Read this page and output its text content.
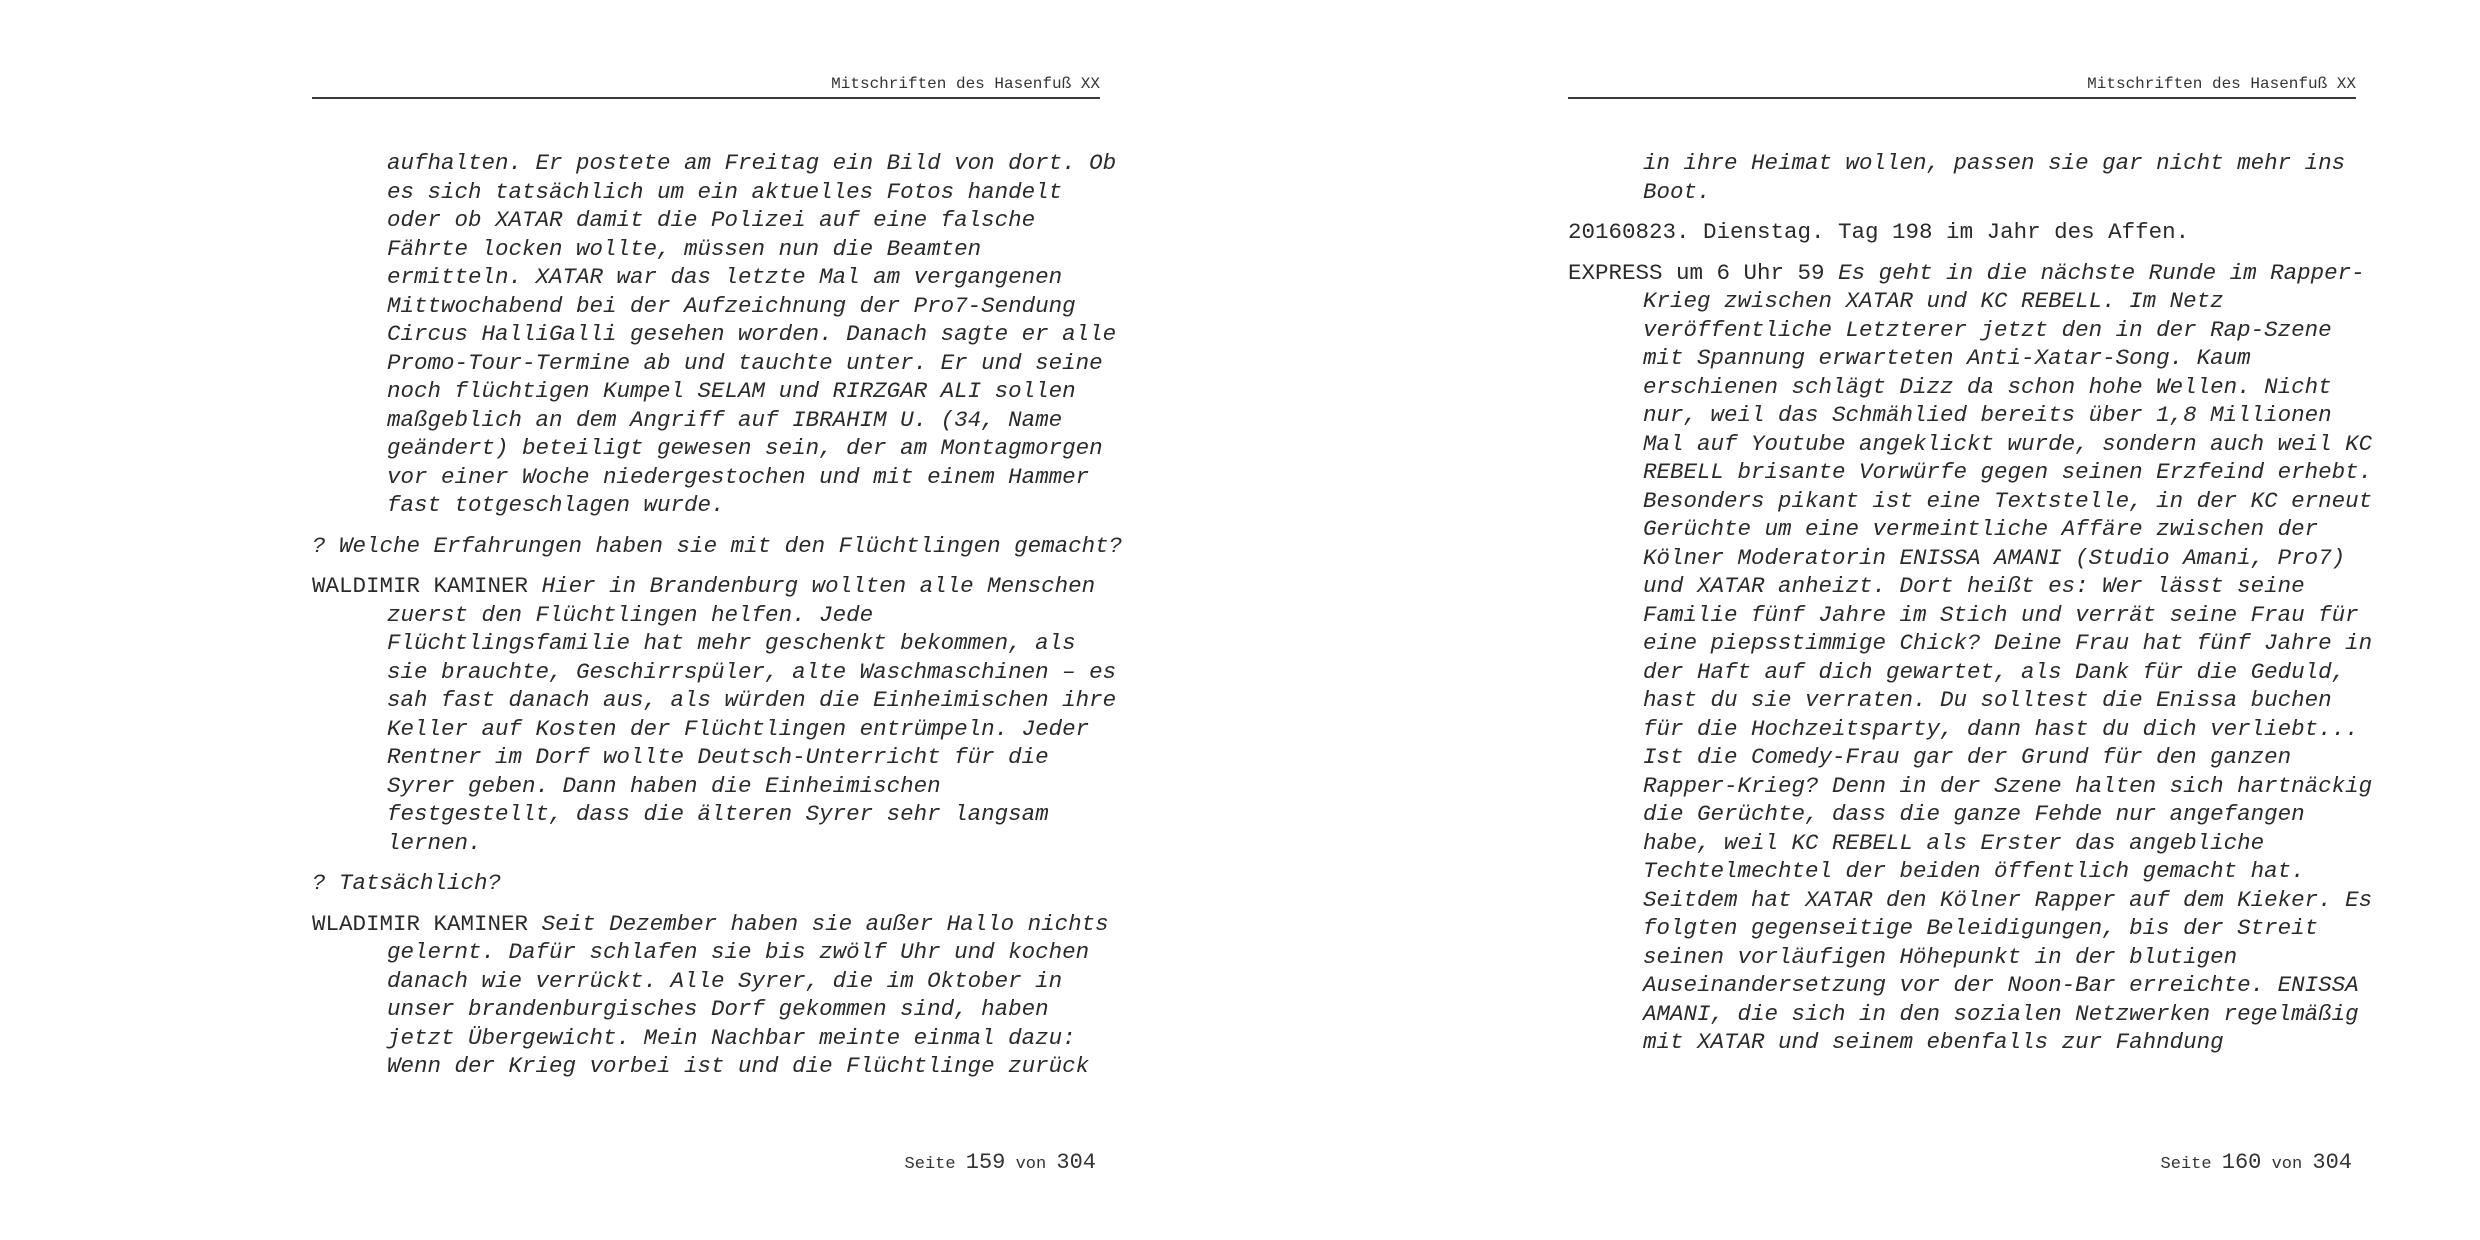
Mitschriften des Hasenfuß XX
aufhalten. Er postete am Freitag ein Bild von dort. Ob
es sich tatsächlich um ein aktuelles Fotos handelt
oder ob XATAR damit die Polizei auf eine falsche
Fährte locken wollte, müssen nun die Beamten
ermitteln. XATAR war das letzte Mal am vergangenen
Mittwochabend bei der Aufzeichnung der Pro7-Sendung
Circus HalliGalli gesehen worden. Danach sagte er alle
Promo-Tour-Termine ab und tauchte unter. Er und seine
noch flüchtigen Kumpel SELAM und RIRZGAR ALI sollen
maßgeblich an dem Angriff auf IBRAHIM U. (34, Name
geändert) beteiligt gewesen sein, der am Montagmorgen
vor einer Woche niedergestochen und mit einem Hammer
fast totgeschlagen wurde.
? Welche Erfahrungen haben sie mit den Flüchtlingen gemacht?
WALDIMIR KAMINER Hier in Brandenburg wollten alle Menschen
zuerst den Flüchtlingen helfen. Jede
Flüchtlingsfamilie hat mehr geschenkt bekommen, als
sie brauchte, Geschirrspüler, alte Waschmaschinen – es
sah fast danach aus, als würden die Einheimischen ihre
Keller auf Kosten der Flüchtlingen entrümpeln. Jeder
Rentner im Dorf wollte Deutsch-Unterricht für die
Syrer geben. Dann haben die Einheimischen
festgestellt, dass die älteren Syrer sehr langsam
lernen.
? Tatsächlich?
WLADIMIR KAMINER Seit Dezember haben sie außer Hallo nichts
gelernt. Dafür schlafen sie bis zwölf Uhr und kochen
danach wie verrückt. Alle Syrer, die im Oktober in
unser brandenburgisches Dorf gekommen sind, haben
jetzt Übergewicht. Mein Nachbar meinte einmal dazu:
Wenn der Krieg vorbei ist und die Flüchtlinge zurück
Seite 159 von 304
Mitschriften des Hasenfuß XX
in ihre Heimat wollen, passen sie gar nicht mehr ins
Boot.
20160823. Dienstag. Tag 198 im Jahr des Affen.
EXPRESS um 6 Uhr 59 Es geht in die nächste Runde im Rapper-
Krieg zwischen XATAR und KC REBELL. Im Netz
veröffentliche Letzterer jetzt den in der Rap-Szene
mit Spannung erwarteten Anti-Xatar-Song. Kaum
erschienen schlägt Dizz da schon hohe Wellen. Nicht
nur, weil das Schmählied bereits über 1,8 Millionen
Mal auf Youtube angeklickt wurde, sondern auch weil KC
REBELL brisante Vorwürfe gegen seinen Erzfeind erhebt.
Besonders pikant ist eine Textstelle, in der KC erneut
Gerüchte um eine vermeintliche Affäre zwischen der
Kölner Moderatorin ENISSA AMANI (Studio Amani, Pro7)
und XATAR anheizt. Dort heißt es: Wer lässt seine
Familie fünf Jahre im Stich und verrät seine Frau für
eine piepsstimmige Chick? Deine Frau hat fünf Jahre in
der Haft auf dich gewartet, als Dank für die Geduld,
hast du sie verraten. Du solltest die Enissa buchen
für die Hochzeitsparty, dann hast du dich verliebt...
Ist die Comedy-Frau gar der Grund für den ganzen
Rapper-Krieg? Denn in der Szene halten sich hartnäckig
die Gerüchte, dass die ganze Fehde nur angefangen
habe, weil KC REBELL als Erster das angebliche
Techtelmechtel der beiden öffentlich gemacht hat.
Seitdem hat XATAR den Kölner Rapper auf dem Kieker. Es
folgten gegenseitige Beleidigungen, bis der Streit
seinen vorläufigen Höhepunkt in der blutigen
Auseinandersetzung vor der Noon-Bar erreichte. ENISSA
AMANI, die sich in den sozialen Netzwerken regelmäßig
mit XATAR und seinem ebenfalls zur Fahndung
Seite 160 von 304
